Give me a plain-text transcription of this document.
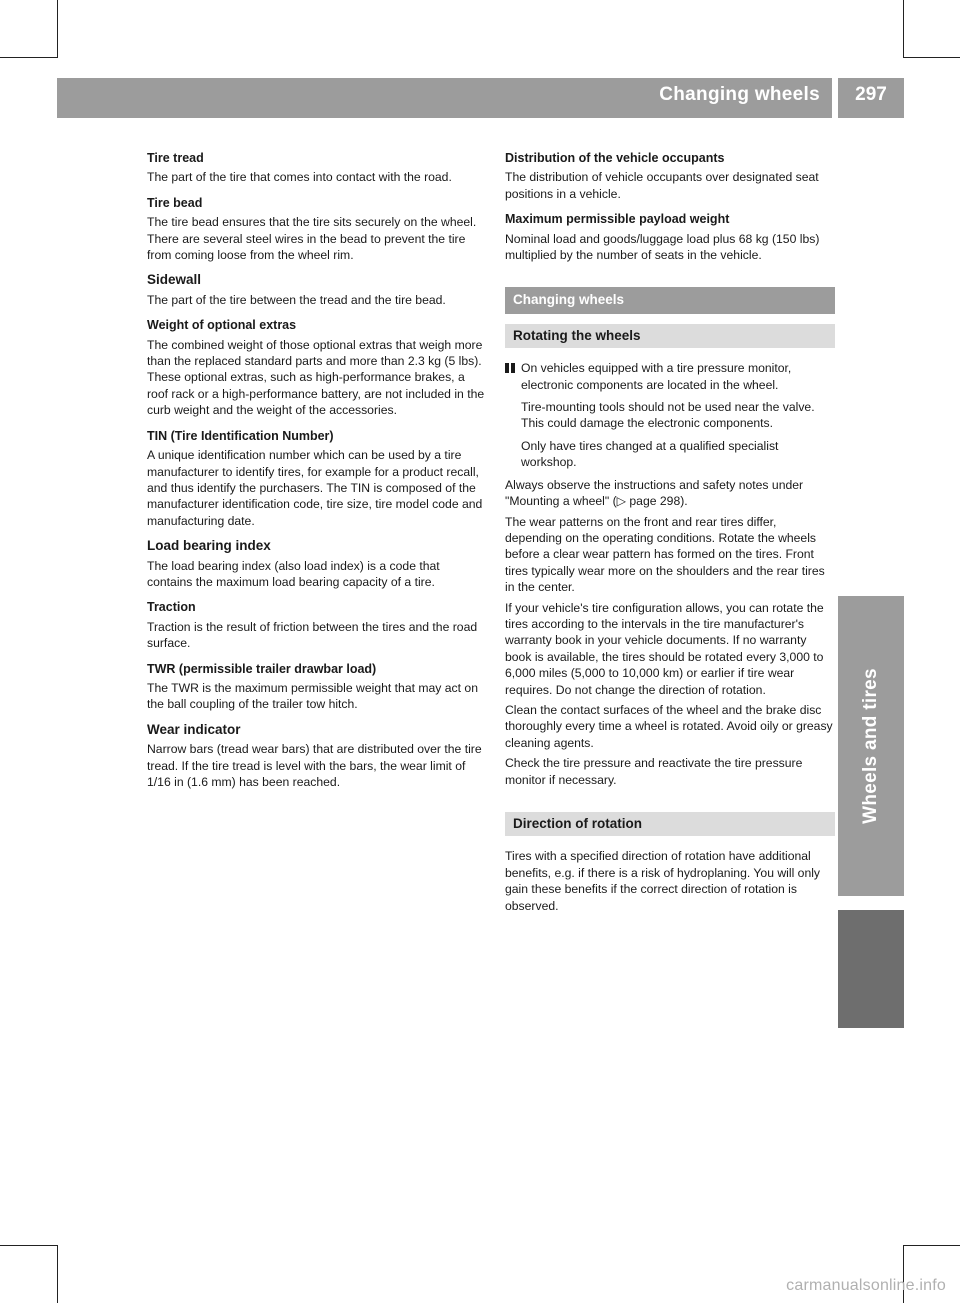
Changing wheels	297
Wheels and tires
Tire tread
The part of the tire that comes into contact with the road.
Tire bead
The tire bead ensures that the tire sits securely on the wheel. There are several steel wires in the bead to prevent the tire from coming loose from the wheel rim.
Sidewall
The part of the tire between the tread and the tire bead.
Weight of optional extras
The combined weight of those optional extras that weigh more than the replaced standard parts and more than 2.3 kg (5 lbs). These optional extras, such as high-performance brakes, a roof rack or a high-performance battery, are not included in the curb weight and the weight of the accessories.
TIN (Tire Identification Number)
A unique identification number which can be used by a tire manufacturer to identify tires, for example for a product recall, and thus identify the purchasers. The TIN is composed of the manufacturer identification code, tire size, tire model code and manufacturing date.
Load bearing index
The load bearing index (also load index) is a code that contains the maximum load bearing capacity of a tire.
Traction
Traction is the result of friction between the tires and the road surface.
TWR (permissible trailer drawbar load)
The TWR is the maximum permissible weight that may act on the ball coupling of the trailer tow hitch.
Wear indicator
Narrow bars (tread wear bars) that are distributed over the tire tread. If the tire tread is level with the bars, the wear limit of 1/16 in (1.6 mm) has been reached.
Distribution of the vehicle occupants
The distribution of vehicle occupants over designated seat positions in a vehicle.
Maximum permissible payload weight
Nominal load and goods/luggage load plus 68 kg (150 lbs) multiplied by the number of seats in the vehicle.
Changing wheels
Rotating the wheels
On vehicles equipped with a tire pressure monitor, electronic components are located in the wheel.
Tire-mounting tools should not be used near the valve. This could damage the electronic components.
Only have tires changed at a qualified specialist workshop.
Always observe the instructions and safety notes under "Mounting a wheel" (▷ page 298).
The wear patterns on the front and rear tires differ, depending on the operating conditions. Rotate the wheels before a clear wear pattern has formed on the tires. Front tires typically wear more on the shoulders and the rear tires in the center.
If your vehicle's tire configuration allows, you can rotate the tires according to the intervals in the tire manufacturer's warranty book in your vehicle documents. If no warranty book is available, the tires should be rotated every 3,000 to 6,000 miles (5,000 to 10,000 km) or earlier if tire wear requires. Do not change the direction of rotation.
Clean the contact surfaces of the wheel and the brake disc thoroughly every time a wheel is rotated. Avoid oily or greasy cleaning agents.
Check the tire pressure and reactivate the tire pressure monitor if necessary.
Direction of rotation
Tires with a specified direction of rotation have additional benefits, e.g. if there is a risk of hydroplaning. You will only gain these benefits if the correct direction of rotation is observed.
carmanualsonline.info
